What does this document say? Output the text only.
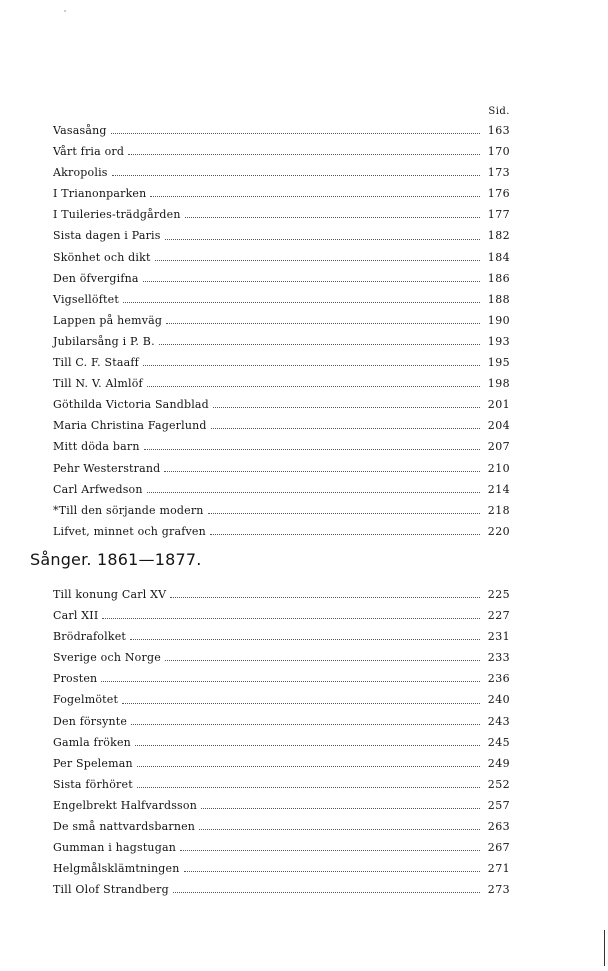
Sid.
Vasasång	163
Vårt fria ord	170
Akropolis	173
I Trianonparken	176
I Tuileries-trädgården	177
Sista dagen i Paris	182
Skönhet och dikt	184
Den öfvergifna	186
Vigsellöftet	188
Lappen på hemväg	190
Jubilarsång i P. B.	193
Till C. F. Staaff	195
Till N. V. Almlöf	198
Göthilda Victoria Sandblad	201
Maria Christina Fagerlund	204
Mitt döda barn	207
Pehr Westerstrand	210
Carl Arfwedson	214
*Till den sörjande modern	218
Lifvet, minnet och grafven	220
Sånger. 1861—1877.
Till konung Carl XV	225
Carl XII	227
Brödrafolket	231
Sverige och Norge	233
Prosten	236
Fogelmötet	240
Den försynte	243
Gamla fröken	245
Per Speleman	249
Sista förhöret	252
Engelbrekt Halfvardsson	257
De små nattvardsbarnen	263
Gumman i hagstugan	267
Helgmålsklämtningen	271
Till Olof Strandberg	273
